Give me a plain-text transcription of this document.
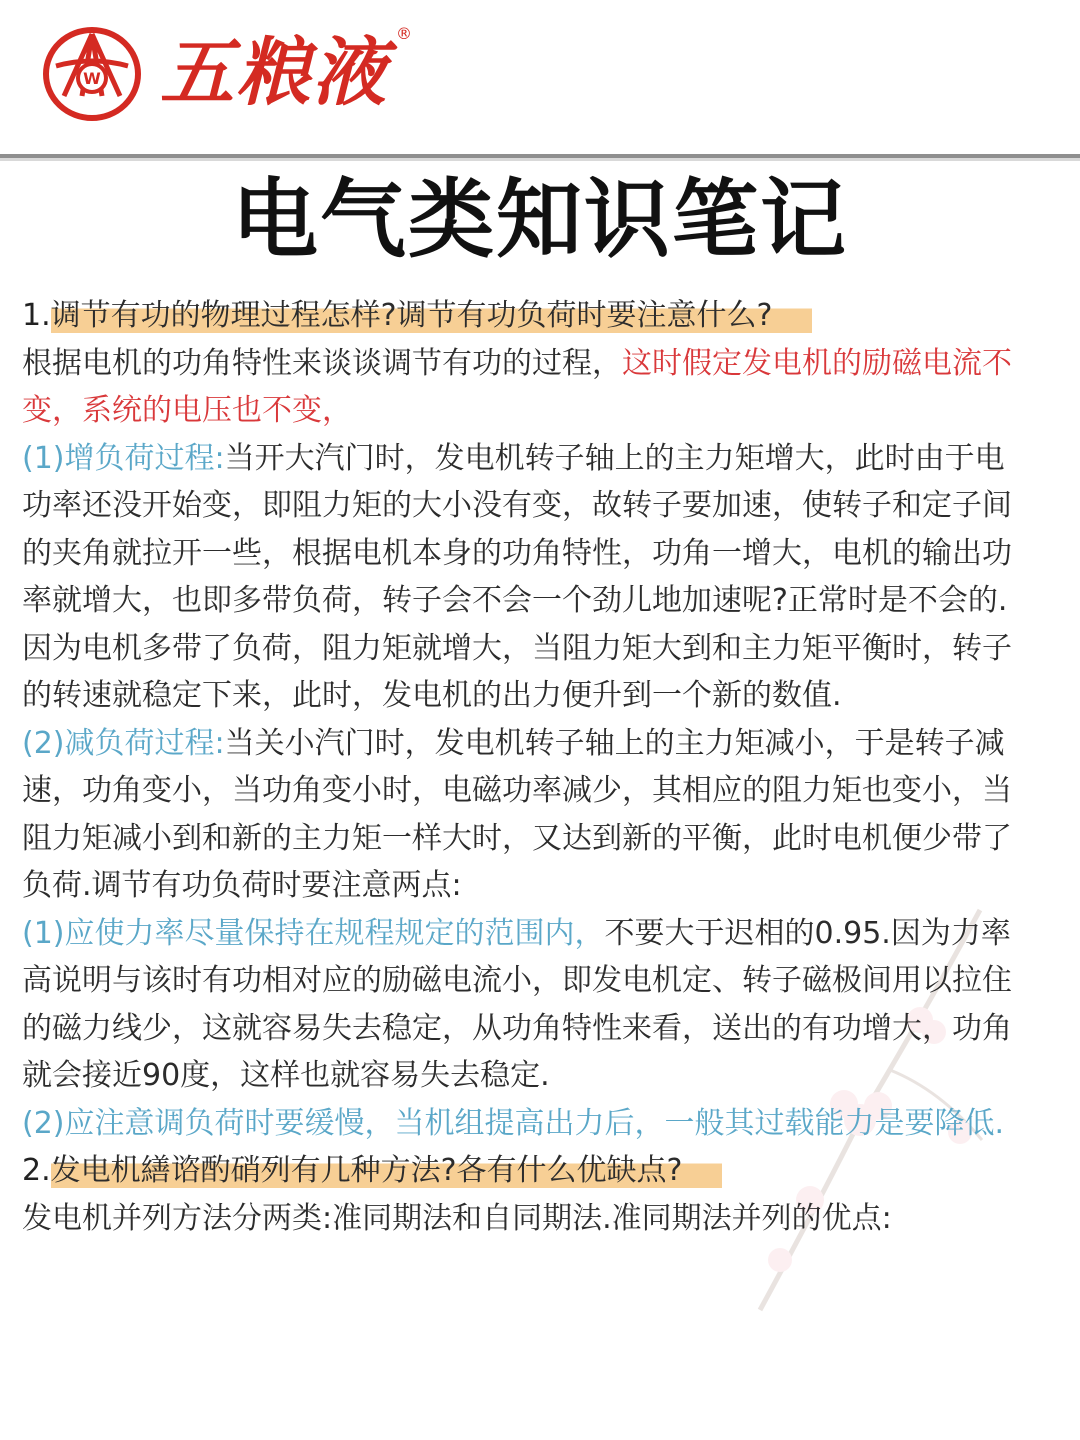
W 五粮液 ®
电气类知识笔记

1.调节有功的物理过程怎样?调节有功负荷时要注意什么?

根据电机的功角特性来谈谈调节有功的过程，这时假定发电机的励磁电流不变，系统的电压也不变，

(1)增负荷过程:当开大汽门时，发电机转子轴上的主力矩增大，此时由于电功率还没开始变，即阻力矩的大小没有变，故转子要加速，使转子和定子间的夹角就拉开一些，根据电机本身的功角特性，功角一增大，电机的输出功率就增大，也即多带负荷，转子会不会一个劲儿地加速呢?正常时是不会的.因为电机多带了负荷，阻力矩就增大，当阻力矩大到和主力矩平衡时，转子的转速就稳定下来，此时，发电机的出力便升到一个新的数值.

(2)减负荷过程:当关小汽门时，发电机转子轴上的主力矩减小，于是转子减速，功角变小，当功角变小时，电磁功率减少，其相应的阻力矩也变小，当阻力矩减小到和新的主力矩一样大时，又达到新的平衡，此时电机便少带了负荷.调节有功负荷时要注意两点:

(1)应使力率尽量保持在规程规定的范围内，不要大于迟相的0.95.因为力率高说明与该时有功相对应的励磁电流小，即发电机定、转子磁极间用以拉住的磁力线少，这就容易失去稳定，从功角特性来看，送出的有功增大，功角就会接近90度，这样也就容易失去稳定.

(2)应注意调负荷时要缓慢，当机组提高出力后，一般其过载能力是要降低.

2.发电机繕谘酌硝列有几种方法?各有什么优缺点?

发电机并列方法分两类:准同期法和自同期法.准同期法并列的优点:
